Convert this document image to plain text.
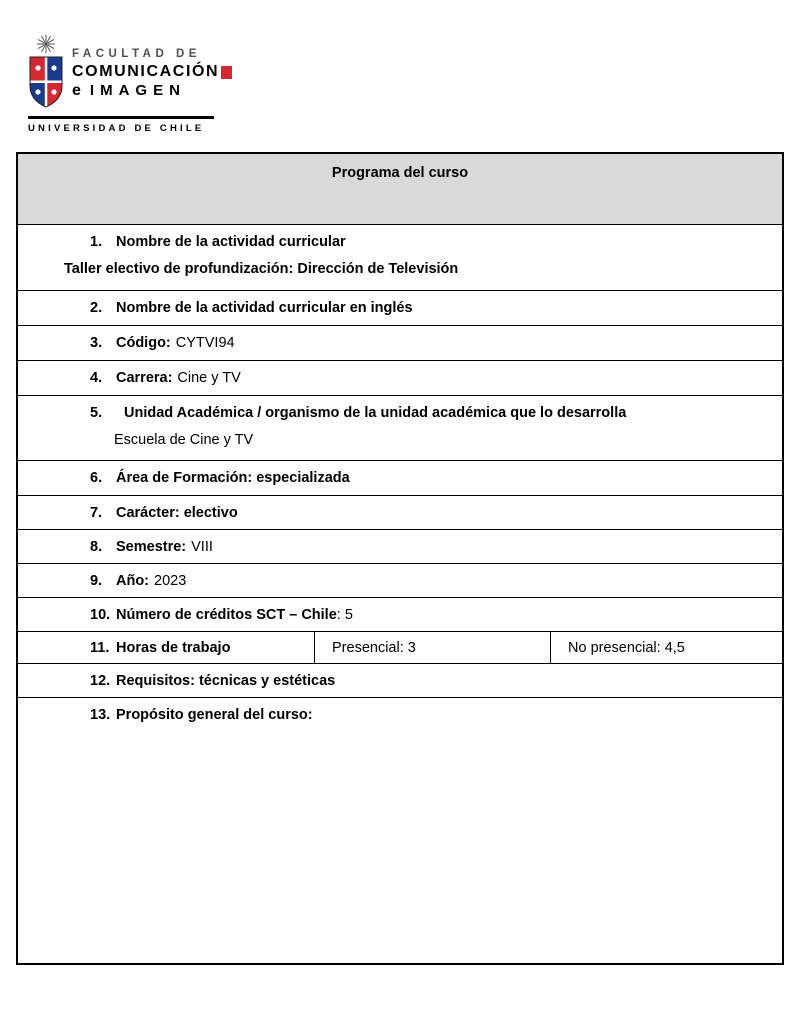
FACULTAD DE
COMUNICACIÓN
e IMAGEN
UNIVERSIDAD DE CHILE
Programa del curso
1. Nombre de la actividad curricular
Taller electivo de profundización: Dirección de Televisión
2. Nombre de la actividad curricular en inglés
3. Código: CYTVI94
4. Carrera: Cine y TV
5. Unidad Académica / organismo de la unidad académica que lo desarrolla
Escuela de Cine y TV
6. Área de Formación: especializada
7. Carácter: electivo
8. Semestre: VIII
9. Año: 2023
10. Número de créditos SCT – Chile : 5
11. Horas de trabajo	Presencial: 3	No presencial: 4,5
12. Requisitos: técnicas y estéticas
13. Propósito general del curso:
